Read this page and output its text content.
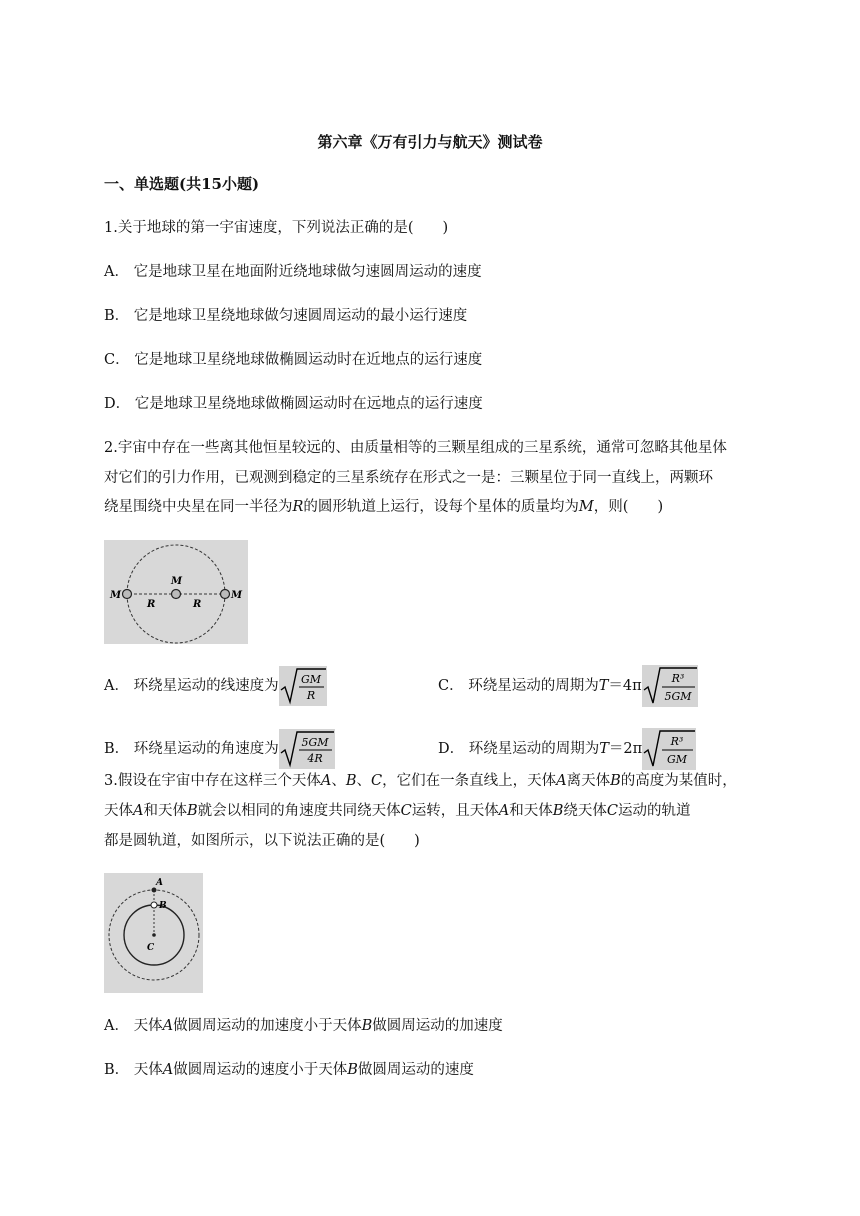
第六章《万有引力与航天》测试卷
一、单选题(共15小题)
1.关于地球的第一宇宙速度，下列说法正确的是(　　)
A． 它是地球卫星在地面附近绕地球做匀速圆周运动的速度
B． 它是地球卫星绕地球做匀速圆周运动的最小运行速度
C． 它是地球卫星绕地球做椭圆运动时在近地点的运行速度
D． 它是地球卫星绕地球做椭圆运动时在远地点的运行速度
2.宇宙中存在一些离其他恒星较远的、由质量相等的三颗星组成的三星系统，通常可忽略其他星体
对它们的引力作用，已观测到稳定的三星系统存在形式之一是：三颗星位于同一直线上，两颗环
绕星围绕中央星在同一半径为R的圆形轨道上运行，设每个星体的质量均为M，则(　　)
M
M
M
R	R
A． 环绕星运动的线速度为 GM
R
C． 环绕星运动的周期为 T ＝4π	R³
5GM
B． 环绕星运动的角速度为 5GM
4R
D． 环绕星运动的周期为 T ＝2π	R³
GM
3.假设在宇宙中存在这样三个天体A、B、C，它们在一条直线上，天体A离天体B的高度为某值时，
天体A和天体B就会以相同的角速度共同绕天体C运转，且天体A和天体B绕天体C运动的轨道
都是圆轨道，如图所示，以下说法正确的是(　　)
A
B
C
A． 天体A做圆周运动的加速度小于天体B做圆周运动的加速度
B． 天体A做圆周运动的速度小于天体B做圆周运动的速度
